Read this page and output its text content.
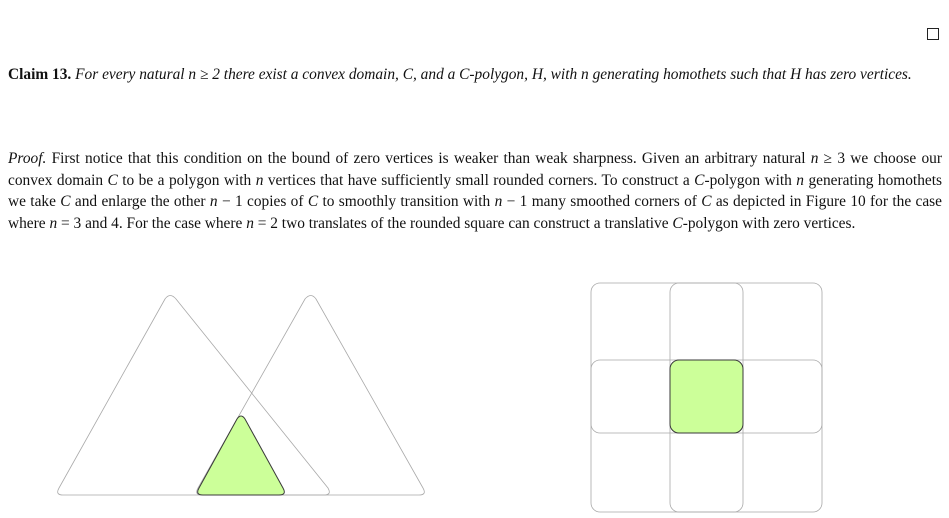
Claim 13. For every natural n ≥ 2 there exist a convex domain, C, and a C-polygon, H, with n generating homothets such that H has zero vertices.

Proof. First notice that this condition on the bound of zero vertices is weaker than weak sharpness. Given an arbitrary natural n ≥ 3 we choose our convex domain C to be a polygon with n vertices that have sufficiently small rounded corners. To construct a C-polygon with n generating homothets we take C and enlarge the other n − 1 copies of C to smoothly transition with n − 1 many smoothed corners of C as depicted in Figure 10 for the case where n = 3 and 4. For the case where n = 2 two translates of the rounded square can construct a translative C-polygon with zero vertices.
